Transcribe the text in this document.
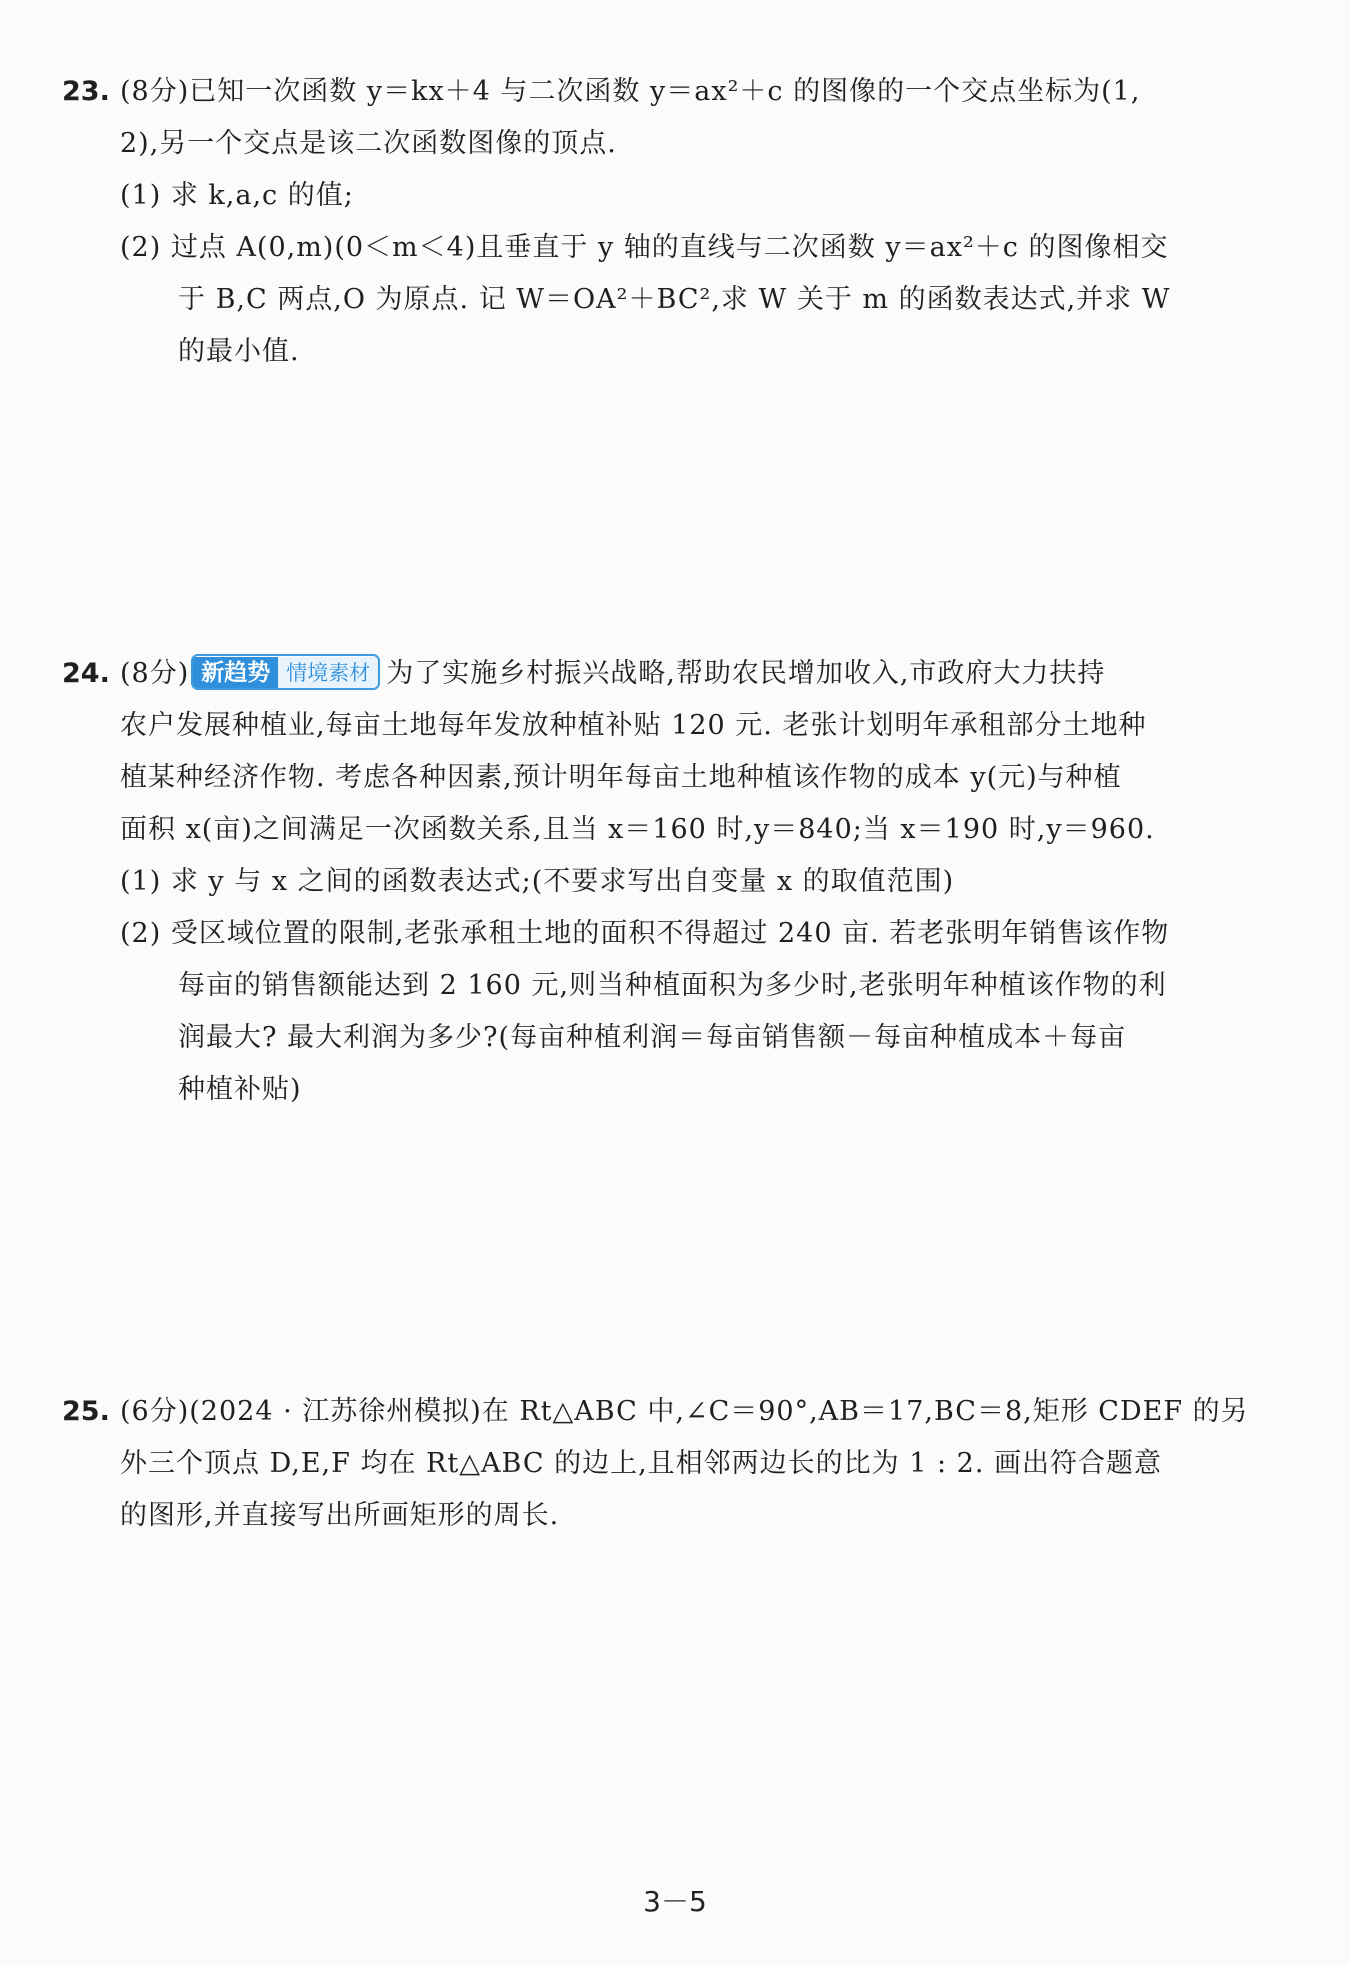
23. (8分)已知一次函数 y＝kx＋4 与二次函数 y＝ax²＋c 的图像的一个交点坐标为(1,
2),另一个交点是该二次函数图像的顶点.
(1) 求 k,a,c 的值;
(2) 过点 A(0,m)(0＜m＜4)且垂直于 y 轴的直线与二次函数 y＝ax²＋c 的图像相交
于 B,C 两点,O 为原点. 记 W＝OA²＋BC²,求 W 关于 m 的函数表达式,并求 W
的最小值.
24. (8分) 新趋势 情境素材 为了实施乡村振兴战略,帮助农民增加收入,市政府大力扶持
农户发展种植业,每亩土地每年发放种植补贴 120 元. 老张计划明年承租部分土地种
植某种经济作物. 考虑各种因素,预计明年每亩土地种植该作物的成本 y(元)与种植
面积 x(亩)之间满足一次函数关系,且当 x＝160 时,y＝840;当 x＝190 时,y＝960.
(1) 求 y 与 x 之间的函数表达式;(不要求写出自变量 x 的取值范围)
(2) 受区域位置的限制,老张承租土地的面积不得超过 240 亩. 若老张明年销售该作物
每亩的销售额能达到 2 160 元,则当种植面积为多少时,老张明年种植该作物的利
润最大? 最大利润为多少?(每亩种植利润＝每亩销售额－每亩种植成本＋每亩
种植补贴)
25. (6分)(2024 · 江苏徐州模拟)在 Rt△ABC 中,∠C＝90°,AB＝17,BC＝8,矩形 CDEF 的另
外三个顶点 D,E,F 均在 Rt△ABC 的边上,且相邻两边长的比为 1 : 2. 画出符合题意
的图形,并直接写出所画矩形的周长.
3－5
